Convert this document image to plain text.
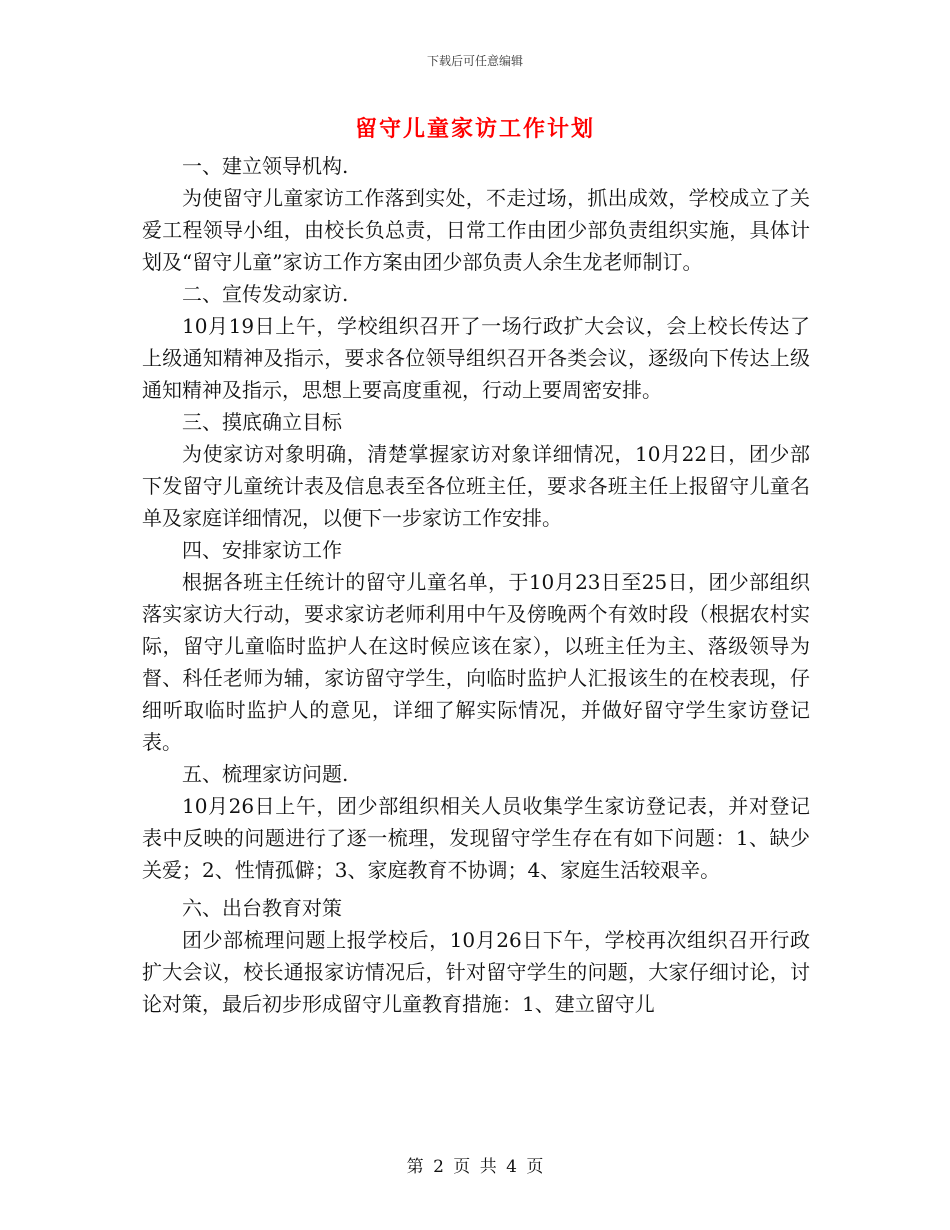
下载后可任意编辑
留守儿童家访工作计划

一、建立领导机构.

为使留守儿童家访工作落到实处，不走过场，抓出成效，学校成立了关爱工程领导小组，由校长负总责，日常工作由团少部负责组织实施，具体计划及“留守儿童”家访工作方案由团少部负责人余生龙老师制订。

二、宣传发动家访.

10月19日上午，学校组织召开了一场行政扩大会议，会上校长传达了上级通知精神及指示，要求各位领导组织召开各类会议，逐级向下传达上级通知精神及指示，思想上要高度重视，行动上要周密安排。

三、摸底确立目标

为使家访对象明确，清楚掌握家访对象详细情况，10月22日，团少部下发留守儿童统计表及信息表至各位班主任，要求各班主任上报留守儿童名单及家庭详细情况，以便下一步家访工作安排。

四、安排家访工作

根据各班主任统计的留守儿童名单，于10月23日至25日，团少部组织落实家访大行动，要求家访老师利用中午及傍晚两个有效时段（根据农村实际，留守儿童临时监护人在这时候应该在家），以班主任为主、落级领导为督、科任老师为辅，家访留守学生，向临时监护人汇报该生的在校表现，仔细听取临时监护人的意见，详细了解实际情况，并做好留守学生家访登记表。

五、梳理家访问题.

10月26日上午，团少部组织相关人员收集学生家访登记表，并对登记表中反映的问题进行了逐一梳理，发现留守学生存在有如下问题：1、缺少关爱；2、性情孤僻；3、家庭教育不协调；4、家庭生活较艰辛。

六、出台教育对策

团少部梳理问题上报学校后，10月26日下午，学校再次组织召开行政扩大会议，校长通报家访情况后，针对留守学生的问题，大家仔细讨论，讨论对策，最后初步形成留守儿童教育措施：1、建立留守儿

第 2 页 共 4 页
